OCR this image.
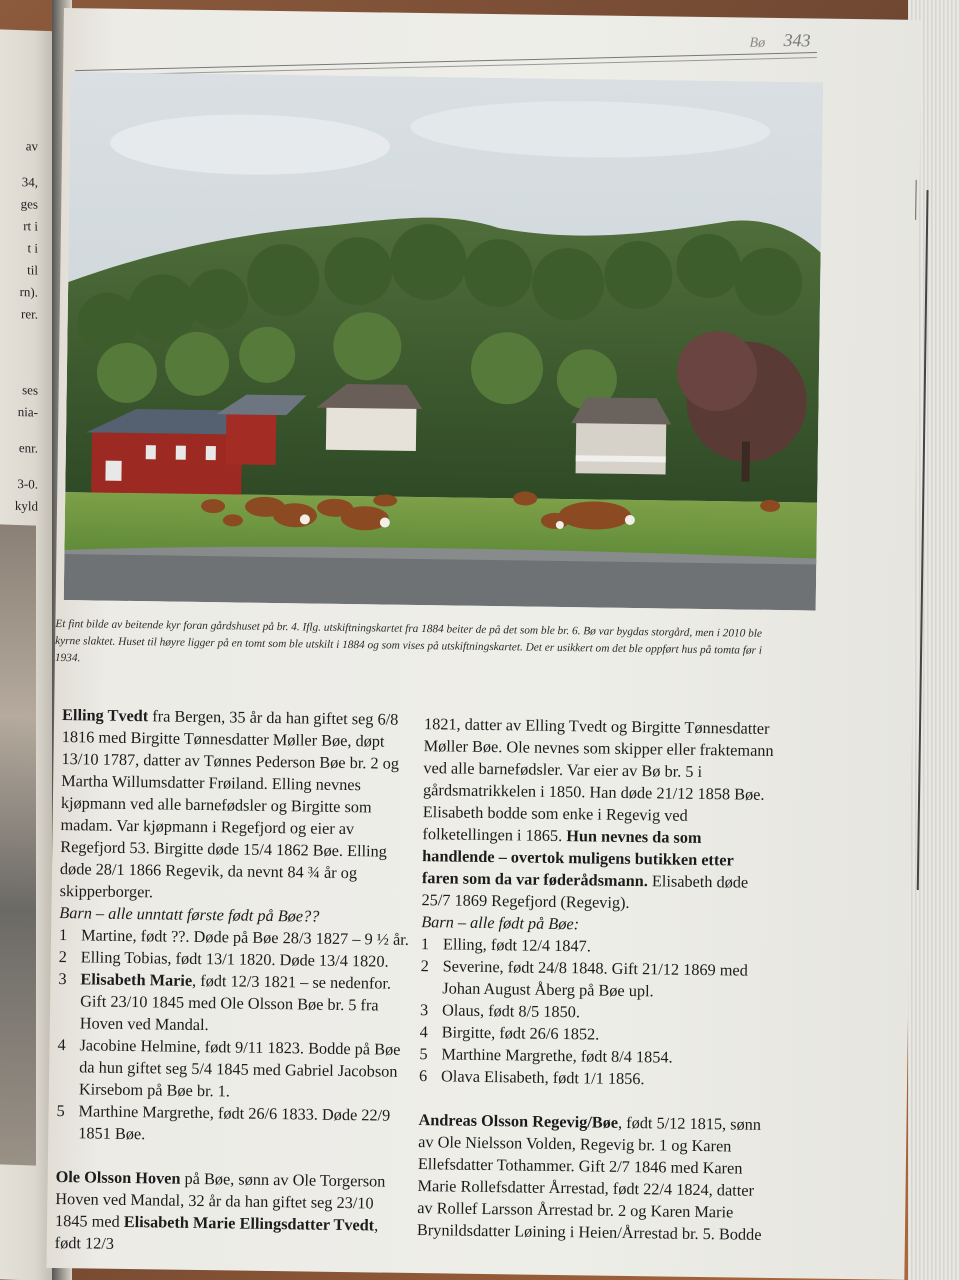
av
34,
ges
rt i
t i
til
rn).
rer.
ses
nia-
enr.
3-0.
kyld
Bø 343
Et fint bilde av beitende kyr foran gårdshuset på br. 4. Iflg. utskiftningskartet fra 1884 beiter de på det som ble br. 6. Bø var bygdas storgård, men i 2010 ble kyrne slaktet. Huset til høyre ligger på en tomt som ble utskilt i 1884 og som vises på utskiftningskartet. Det er usikkert om det ble oppført hus på tomta før i 1934.

Elling Tvedt fra Bergen, 35 år da han giftet seg 6/8 1816 med Birgitte Tønnesdatter Møller Bøe, døpt 13/10 1787, datter av Tønnes Pederson Bøe br. 2 og Martha Willumsdatter Frøiland. Elling nevnes kjøpmann ved alle barnefødsler og Birgitte som madam. Var kjøpmann i Regefjord og eier av Regefjord 53. Birgitte døde 15/4 1862 Bøe. Elling døde 28/1 1866 Regevik, da nevnt 84 ¾ år og skipperborger.

Barn – alle unntatt første født på Bøe??

1 Martine, født ??. Døde på Bøe 28/3 1827 – 9 ½ år.
2 Elling Tobias, født 13/1 1820. Døde 13/4 1820.
3 Elisabeth Marie, født 12/3 1821 – se nedenfor. Gift 23/10 1845 med Ole Olsson Bøe br. 5 fra Hoven ved Mandal.
4 Jacobine Helmine, født 9/11 1823. Bodde på Bøe da hun giftet seg 5/4 1845 med Gabriel Jacobson Kirsebom på Bøe br. 1.
5 Marthine Margrethe, født 26/6 1833. Døde 22/9 1851 Bøe.

Ole Olsson Hoven på Bøe, sønn av Ole Torgerson Hoven ved Mandal, 32 år da han giftet seg 23/10 1845 med Elisabeth Marie Ellingsdatter Tvedt, født 12/3

1821, datter av Elling Tvedt og Birgitte Tønnesdatter Møller Bøe. Ole nevnes som skipper eller fraktemann ved alle barnefødsler. Var eier av Bø br. 5 i gårdsmatrikkelen i 1850. Han døde 21/12 1858 Bøe. Elisabeth bodde som enke i Regevig ved folketellingen i 1865. Hun nevnes da som handlende – overtok muligens butikken etter faren som da var føderådsmann. Elisabeth døde 25/7 1869 Regefjord (Regevig).

Barn – alle født på Bøe:

1 Elling, født 12/4 1847.
2 Severine, født 24/8 1848. Gift 21/12 1869 med Johan August Åberg på Bøe upl.
3 Olaus, født 8/5 1850.
4 Birgitte, født 26/6 1852.
5 Marthine Margrethe, født 8/4 1854.
6 Olava Elisabeth, født 1/1 1856.

Andreas Olsson Regevig/Bøe, født 5/12 1815, sønn av Ole Nielsson Volden, Regevig br. 1 og Karen Ellefsdatter Tothammer. Gift 2/7 1846 med Karen Marie Rollefsdatter Årrestad, født 22/4 1824, datter av Rollef Larsson Årrestad br. 2 og Karen Marie Brynildsdatter Løining i Heien/Årrestad br. 5. Bodde
